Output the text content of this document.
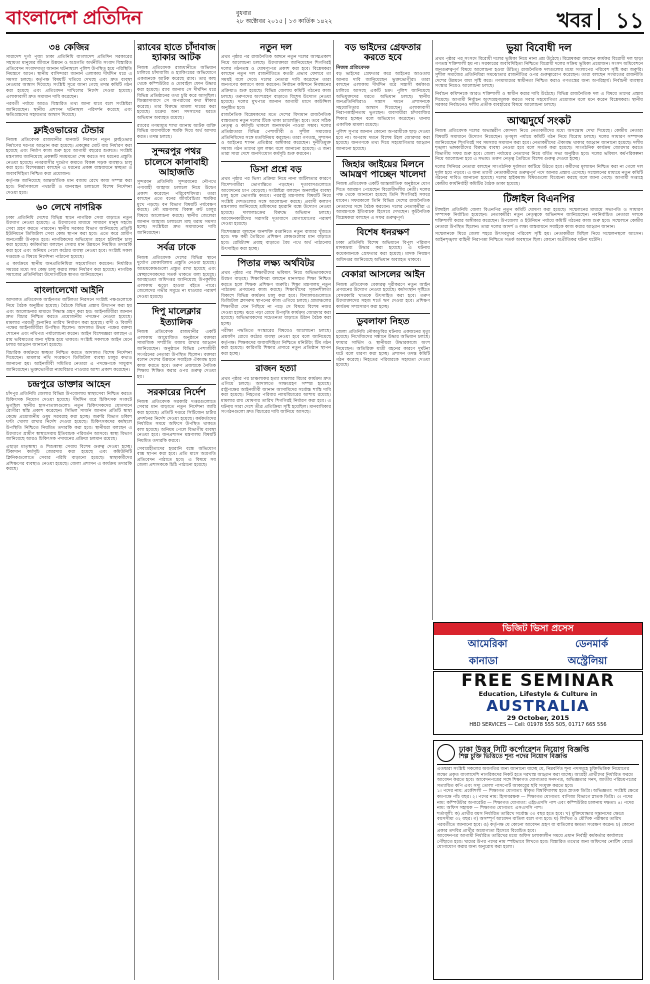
বাংলাদেশ প্রতিদিন	বুধবার
২৮ অক্টোবর ২০১৫ | ১৩ কার্তিক ১৪২২	খবর ১১
৩৪ কেজির

সারাদেশ দুর্গা পূজা ঢাকা প্রতিনিধি বাংলাদেশ প্রতিদিন সরকারের সহায়তা মানুষের জীবনে উন্নয়ন ও অগ্রগতি অর্থনীতি সংবাদ বিস্তারিত প্রতিবেদন সংবাদদাতা জানান ঘটনাস্থলে পুলিশ উপস্থিত হয়ে পরিস্থিতি নিয়ন্ত্রণে আনে। স্থানীয় বাসিন্দারা জানান এলাকায় দীর্ঘদিন ধরে এ সমস্যা চলছে। কর্তৃপক্ষ বিষয়টি খতিয়ে দেখছে এবং দ্রুত ব্যবস্থা নেওয়ার আশ্বাস দিয়েছে। সংশ্লিষ্ট সূত্রে জানা গেছে তদন্ত কমিটি গঠন করা হয়েছে এবং প্রতিবেদন দাখিলের নির্দেশ দেওয়া হয়েছে। এলাকাবাসী দ্রুত সমাধান দাবি করেছেন।

পরবর্তী পর্যায়ে আরও বিস্তারিত তথ্য জানা যাবে বলে সংশ্লিষ্টরা জানিয়েছেন। স্থানীয় প্রশাসন ঘটনাস্থল পরিদর্শন করেছে এবং ক্ষতিগ্রস্তদের সহায়তার আশ্বাস দিয়েছে।

ফ্লাইওভারের টেন্ডার

নিজস্ব প্রতিবেদক রাজধানীর যানজট নিরসনে নতুন ফ্লাইওভার নির্মাণের দরপত্র আহ্বান করা হয়েছে। প্রকল্পের মোট ব্যয় নির্ধারণ করা হয়েছে এবং নির্মাণ কাজ শুরু হবে আগামী বছরের শুরুতে। সংশ্লিষ্ট মন্ত্রণালয় জানিয়েছে প্রকল্পটি সময়মতো শেষ করতে সব ধরনের প্রস্তুতি নেওয়া হয়েছে। নগরবাসীর দুর্ভোগ কমাতে বিকল্প সড়ক ব্যবস্থাও চালু করা হবে। বিশেষজ্ঞরা বলছেন এ ধরনের প্রকল্প বাস্তবায়নে স্বচ্ছতা ও জবাবদিহিতা নিশ্চিত করা প্রয়োজন।

কর্তৃপক্ষ জানিয়েছে আন্তর্জাতিক মান বজায় রেখে কাজ সম্পন্ন করা হবে। নির্মাণকালে পথচারী ও যানবাহন চলাচলে বিশেষ নির্দেশনা দেওয়া হবে।

৬০ লেখে নাগরিক

ঢাকা প্রতিনিধি দেশের বিভিন্ন স্থানে নাগরিক সেবা বাড়াতে নতুন উদ্যোগ নেওয়া হয়েছে। এ উদ্যোগের মাধ্যমে সাধারণ মানুষ সহজে সেবা গ্রহণ করতে পারবেন। স্থানীয় সরকার বিভাগ জানিয়েছে প্রতিটি ইউনিয়নে ডিজিটাল সেবা কেন্দ্র স্থাপন করা হবে। এতে করে গ্রামীণ জনগোষ্ঠী উপকৃত হবে। নাগরিকদের অভিযোগ গ্রহণে হটলাইন চালু করা হয়েছে। কর্মকর্তারা বলছেন সেবার মান উন্নয়নে নিয়মিত তদারকি করা হবে এবং অনিয়ম পেলে কঠোর ব্যবস্থা নেওয়া হবে। সংশ্লিষ্ট সকল দপ্তরকে এ বিষয়ে নির্দেশনা পাঠানো হয়েছে।

এ কার্যক্রমে স্থানীয় জনপ্রতিনিধিরা সহযোগিতা করবেন। নির্ধারিত সময়ের মধ্যে সব কেন্দ্র চালু করার লক্ষ্য নির্ধারণ করা হয়েছে। নাগরিক সমাজের প্রতিনিধিরা উদ্যোগটিকে স্বাগত জানিয়েছেন।

বাংলালেখো আইনি

আদালত প্রতিবেদক আইনগত জটিলতা নিরসনে সংশ্লিষ্ট পক্ষগুলোকে নিয়ে বৈঠক অনুষ্ঠিত হয়েছে। বৈঠকে বিভিন্ন প্রস্তাব উত্থাপন করা হয় এবং আলোচনার মাধ্যমে সিদ্ধান্ত গ্রহণ করা হয়। আইনজীবীরা জানান দ্রুত বিচার নিশ্চিত করতে প্রয়োজনীয় পদক্ষেপ নেওয়া হয়েছে। মামলার পরবর্তী শুনানির তারিখ নির্ধারণ করা হয়েছে। বাদী ও বিবাদী পক্ষের আইনজীবীরা উপস্থিত ছিলেন। আদালত উভয় পক্ষের বক্তব্য শোনেন এবং নথিপত্র পর্যালোচনা করেন। আইন বিশেষজ্ঞরা বলছেন এ রায় ভবিষ্যতের জন্য দৃষ্টান্ত হয়ে থাকবে। সংশ্লিষ্ট সকলকে আইন মেনে চলার আহ্বান জানানো হয়েছে।

বিচারিক কার্যক্রমে স্বচ্ছতা নিশ্চিত করতে আদালত বিশেষ নির্দেশনা দিয়েছেন। মামলার নথি সংরক্ষণে ডিজিটাল ব্যবস্থা চালুর কথাও জানানো হয়। আইনজীবী সমিতির নেতারা এ পদক্ষেপকে সাধুবাদ জানিয়েছেন। ভুক্তভোগীরা ন্যায়বিচার পাওয়ার আশা প্রকাশ করেছেন।

চন্দ্রপুরে ডাক্তার আহেন

চাঁদপুর প্রতিনিধি জেলার বিভিন্ন উপজেলায় স্বাস্থ্যসেবা নিশ্চিত করতে চিকিৎসক নিয়োগ দেওয়া হয়েছে। দীর্ঘদিন ধরে চিকিৎসক সংকটে ভুগছিল স্থানীয় হাসপাতালগুলো। নতুন চিকিৎসকদের যোগদানে রোগীরা স্বস্তি প্রকাশ করেছেন। সিভিল সার্জন জানান প্রতিটি স্বাস্থ্য কেন্দ্রে প্রয়োজনীয় ওষুধ সরবরাহ করা হচ্ছে। জরুরি বিভাগ চব্বিশ ঘণ্টা খোলা রাখার নির্দেশ দেওয়া হয়েছে। চিকিৎসকদের কর্মস্থলে উপস্থিতি নিশ্চিতে নিয়মিত তদারকি করা হবে। স্থানীয়রা বলছেন এ উদ্যোগে গ্রামীণ স্বাস্থ্যসেবায় ইতিবাচক পরিবর্তন আসবে। স্বাস্থ্য বিভাগ জানিয়েছে আরও চিকিৎসক পদায়নের প্রক্রিয়া চলমান রয়েছে।

এছাড়া মাতৃস্বাস্থ্য ও শিশুস্বাস্থ্য সেবায় বিশেষ গুরুত্ব দেওয়া হচ্ছে। টিকাদান কর্মসূচি জোরদার করা হয়েছে এবং কমিউনিটি ক্লিনিকগুলোতে সেবার পরিধি বাড়ানো হয়েছে। স্বাস্থ্যকর্মীদের প্রশিক্ষণের ব্যবস্থাও নেওয়া হয়েছে। জেলা প্রশাসন এ কার্যক্রম তদারকি করছে।

র‍্যাবের হাতে চাঁদাবাজ হ্যাকার আটক

নিজস্ব প্রতিবেদক রাজধানীতে অভিযান চালিয়ে চাঁদাবাজি ও হ্যাকিংয়ের অভিযোগে একজনকে আটক করেছে র‍্যাব। তার কাছ থেকে কম্পিউটার ও মোবাইল ফোন উদ্ধার করা হয়েছে। র‍্যাব জানায় সে দীর্ঘদিন ধরে বিভিন্ন প্রতিষ্ঠানের তথ্য চুরি করে আসছিল। জিজ্ঞাসাবাদে সে অপরাধের কথা স্বীকার করেছে। তার বিরুদ্ধে মামলা দায়ের করা হয়েছে। চক্রের অন্য সদস্যদের ধরতে অভিযান অব্যাহত রয়েছে।

র‍্যাবের গণমাধ্যম শাখা জানায় আটক ব্যক্তি বিভিন্ন ব্যবসায়ীকে হুমকি দিয়ে অর্থ আদায় করত। তদন্ত চলছে।

সুন্দরপুর পথর চালেসে কালাবাহী আহাজতি

সুন্দরবন প্রতিনিধি সুন্দরবনের নৌপথে পণ্যবাহী জাহাজ চলাচল নিয়ে উদ্বেগ প্রকাশ করেছেন পরিবেশবিদরা। তারা বলছেন এতে বনের জীববৈচিত্র্য হুমকির মুখে পড়ছে। বন বিভাগ বিষয়টি পর্যবেক্ষণ করছে। নৌ মন্ত্রণালয় বিকল্প রুট চালুর বিষয়ে আলোচনা করছে। স্থানীয় জেলেরা জানান জাহাজ চলাচলে মাছ ধরায় সমস্যা হচ্ছে। সংশ্লিষ্টরা দ্রুত সমাধানের দাবি জানিয়েছেন।

সর্বত্র ঢাকে

নিজস্ব প্রতিবেদক দেশের বিভিন্ন স্থানে দুর্যোগ মোকাবিলায় প্রস্তুতি নেওয়া হয়েছে। আশ্রয়কেন্দ্রগুলো প্রস্তুত রাখা হয়েছে এবং স্বেচ্ছাসেবকদের সতর্ক থাকতে বলা হয়েছে। আবহাওয়া অধিদপ্তর জানিয়েছে উপকূলীয় এলাকায় ঝড়ো হাওয়া বইতে পারে। জেলেদের গভীর সমুদ্রে না যাওয়ার পরামর্শ দেওয়া হয়েছে।

দিপু মালেক্লার ইত্যালিক

নিজস্ব প্রতিবেদক রাজধানীর একটি এলাকায় আয়োজিত অনুষ্ঠানে বক্তারা সামাজিক সম্প্রীতি বজায় রাখার আহ্বান জানিয়েছেন। অনুষ্ঠানে বিভিন্ন পেশাজীবী সংগঠনের নেতারা উপস্থিত ছিলেন। বক্তারা বলেন দেশের উন্নয়নে সবাইকে ঐক্যবদ্ধ হয়ে কাজ করতে হবে। তরুণ প্রজন্মকে নৈতিক শিক্ষায় শিক্ষিত করার ওপর গুরুত্ব দেওয়া হয়।

সরকারের নির্দেশ

নিজস্ব প্রতিবেদক সরকারি দপ্তরগুলোতে সেবার মান বাড়াতে নতুন নির্দেশনা জারি করা হয়েছে। প্রতিটি দপ্তরে সিটিজেন চার্টার প্রদর্শনের নির্দেশ দেওয়া হয়েছে। কর্মকর্তাদের নির্ধারিত সময়ে অফিসে উপস্থিত থাকতে বলা হয়েছে। অনিয়ম পেলে বিভাগীয় ব্যবস্থা নেওয়া হবে। জনপ্রশাসন মন্ত্রণালয় বিষয়টি নিয়মিত তদারকি করবে।

সেবাগ্রহীতাদের হয়রানি বন্ধে অভিযোগ বাক্স স্থাপন করা হবে। প্রতি মাসে অগ্রগতি প্রতিবেদন পাঠাতে হবে। এ বিষয়ে সব জেলা প্রশাসককে চিঠি পাঠানো হয়েছে।

নতুন দল

প্রথম পৃষ্ঠার পর রাজনৈতিক অঙ্গনে নতুন দলের আত্মপ্রকাশ নিয়ে আলোচনা চলছে। উদ্যোক্তারা জানিয়েছেন শিগগিরই দলের গঠনতন্ত্র ও ঘোষণাপত্র প্রকাশ করা হবে। বিশ্লেষকরা বলছেন নতুন দল রাজনীতিতে কতটা প্রভাব ফেলবে তা সময়ই বলে দেবে। দলের নেতারা দাবি করেছেন তারা জনগণের কল্যাণে কাজ করবেন। নির্বাচন কমিশনে নিবন্ধনের প্রক্রিয়াও শুরু হয়েছে। বিভিন্ন জেলায় কমিটি গঠনের কাজ চলছে। তরুণদের অংশগ্রহণ বাড়াতে বিশেষ উদ্যোগ নেওয়া হয়েছে। দলের মুখপাত্র জানান আগামী মাসে কাউন্সিল অনুষ্ঠিত হবে।

রাজনৈতিক বিশ্লেষকদের মতে দেশের বিদ্যমান রাজনৈতিক বাস্তবতায় নতুন দলের টিকে থাকা চ্যালেঞ্জিং হবে। তবে সঠিক নেতৃত্ব ও কর্মসূচি থাকলে জনসমর্থন পাওয়া সম্ভব। দলের প্রতিষ্ঠাতারা বিভিন্ন পেশাজীবী ও সুশীল সমাজের প্রতিনিধিদের সঙ্গে মতবিনিময় করছেন। তারা গণতন্ত্র, সুশাসন ও আইনের শাসন প্রতিষ্ঠার অঙ্গীকার করেছেন। দুর্নীতিমুক্ত সমাজ গঠন তাদের মূল লক্ষ্য বলে জানানো হয়েছে। এ জন্য তারা সারা দেশে জনসংযোগ কর্মসূচি শুরু করবেন।

ডিসা প্রশ্নে বড়

প্রথম পৃষ্ঠার পর ভিসা প্রক্রিয়া নিয়ে নানা জটিলতার কারণে বিদেশগামীরা ভোগান্তিতে পড়ছেন। দূতাবাসগুলোতে আবেদনের চাপ বেড়েছে। সংশ্লিষ্টরা বলছেন অনলাইন ব্যবস্থা চালু হলে ভোগান্তি কমবে। পররাষ্ট্র মন্ত্রণালয় বিষয়টি নিয়ে সংশ্লিষ্ট দেশগুলোর সঙ্গে আলোচনা করছে। প্রবাসী কল্যাণ মন্ত্রণালয় জানিয়েছে শ্রমিকদের হয়রানি বন্ধে উদ্যোগ নেওয়া হয়েছে। দালালচক্রের বিরুদ্ধে অভিযান চলছে। আবেদনকারীদের সরাসরি দূতাবাসে যোগাযোগের পরামর্শ দেওয়া হয়েছে।

বিশেষজ্ঞরা বলছেন জনশক্তি রপ্তানিতে নতুন বাজার খুঁজতে হবে। দক্ষ কর্মী তৈরিতে প্রশিক্ষণ কেন্দ্রগুলোর মান বাড়াতে হবে। রেমিট্যান্স প্রবাহ বাড়াতে বৈধ পথে অর্থ পাঠানোয় উৎসাহিত করা হচ্ছে।

পিতার লক্ষ্য অর্থবিটর

প্রথম পৃষ্ঠার পর শিক্ষার্থীদের ভবিষ্যৎ নিয়ে অভিভাবকদের উদ্বেগ বাড়ছে। শিক্ষাবিদরা বলছেন মানসম্মত শিক্ষা নিশ্চিত করতে হলে শিক্ষক প্রশিক্ষণ জরুরি। শিক্ষা মন্ত্রণালয় নতুন পাঠ্যক্রম প্রণয়নের কাজ করছে। শিক্ষার্থীদের সৃজনশীলতা বিকাশে বিভিন্ন কার্যক্রম চালু করা হবে। বিদ্যালয়গুলোতে ডিজিটাল ক্লাসরুম স্থাপনের কাজ এগিয়ে চলছে। গ্রামাঞ্চলের শিক্ষার্থীরা যেন পিছিয়ে না পড়ে সে বিষয়ে বিশেষ নজর দেওয়া হচ্ছে। ঝরে পড়া রোধে উপবৃত্তি কার্যক্রম জোরদার করা হয়েছে। অভিভাবকদের সচেতনতা বাড়াতে উঠান বৈঠক করা হচ্ছে।

পরীক্ষা পদ্ধতিতে সংস্কারের বিষয়েও আলোচনা চলছে। প্রশ্নফাঁস রোধে কঠোর ব্যবস্থা নেওয়া হবে বলে জানিয়েছে কর্তৃপক্ষ। শিক্ষকদের জবাবদিহিতা নিশ্চিতে মনিটরিং টিম গঠন করা হয়েছে। কারিগরি শিক্ষার প্রসারে নতুন প্রতিষ্ঠান স্থাপন করা হচ্ছে।

রাজন হত্যা

প্রথম পৃষ্ঠার পর চাঞ্চল্যকর হত্যা মামলার বিচার কার্যক্রম দ্রুত এগিয়ে চলছে। আদালতে সাক্ষ্যগ্রহণ সম্পন্ন হয়েছে। রাষ্ট্রপক্ষের আইনজীবী জানান আসামিদের সর্বোচ্চ শাস্তি দাবি করা হয়েছে। নিহতের পরিবার ন্যায়বিচারের আশায় রয়েছে। মামলার রায় ঘোষণার তারিখ শিগগিরই নির্ধারণ করা হবে। এ ঘটনায় সারা দেশে তীব্র প্রতিক্রিয়া সৃষ্টি হয়েছিল। মানবাধিকার সংগঠনগুলো দ্রুত বিচারের দাবি জানিয়ে আসছে।

বড় ভাইদের গ্রেফতার করতে হবে
নিজস্ব প্রতিবেদক

বড় ভাইদের গ্রেফতার করে আইনের আওতায় আনার দাবি জানিয়েছেন ভুক্তভোগীরা। তারা বলছেন এলাকায় দীর্ঘদিন ধরে সন্ত্রাসী কর্মকাণ্ড চালিয়ে আসছে একটি চক্র। পুলিশ জানিয়েছে অভিযুক্তদের ধরতে অভিযান চলছে। স্থানীয় জনপ্রতিনিধিরাও সন্ত্রাস দমনে প্রশাসনকে সহযোগিতার আশ্বাস দিয়েছেন। এলাকাবাসী নিরাপত্তাহীনতায় ভুগছেন। ব্যবসায়ীরা চাঁদাবাজির শিকার হচ্ছেন বলে অভিযোগ করেছেন। থানায় একাধিক মামলা রয়েছে।

পুলিশ সুপার জানান কোনো অপরাধীকে ছাড় দেওয়া হবে না। অপরাধ দমনে বিশেষ টহল জোরদার করা হয়েছে। জনগণকে তথ্য দিয়ে সহযোগিতার আহ্বান জানানো হয়েছে।

জিহার জাইয়ের মিলনে আমন্ত্রণ পাচ্ছেন খালেদা

নিজস্ব প্রতিবেদক একটি আন্তর্জাতিক অনুষ্ঠানে যোগ দিতে আমন্ত্রণ পেয়েছেন বিরোধীদলীয় নেত্রী। দলের পক্ষ থেকে জানানো হয়েছে তিনি শিগগিরই সফরে যাবেন। সফরকালে তিনি বিভিন্ন দেশের রাজনৈতিক নেতাদের সঙ্গে বৈঠক করবেন। দলের নেতাকর্মীরা এ আমন্ত্রণকে ইতিবাচক হিসেবে দেখছেন। কূটনৈতিক বিশ্লেষকরা বলছেন এ সফর গুরুত্বপূর্ণ।

বিশেষ ধনরক্ষণ

ঢাকা প্রতিনিধি বিশেষ অভিযানে বিপুল পরিমাণ মাদকদ্রব্য উদ্ধার করা হয়েছে। এ ঘটনায় কয়েকজনকে গ্রেফতার করা হয়েছে। মাদক নিয়ন্ত্রণ অধিদপ্তর জানিয়েছে অভিযান অব্যাহত থাকবে।

বেকারা আসলের আইন

নিজস্ব প্রতিবেদক বেকারত্ব দূরীকরণে নতুন আইন প্রণয়নের উদ্যোগ নেওয়া হয়েছে। কর্মসংস্থান সৃষ্টিতে বেসরকারি খাতকে উৎসাহিত করা হবে। তরুণ উদ্যোক্তাদের সহজ শর্তে ঋণ দেওয়া হবে। প্রশিক্ষণ কার্যক্রম সম্প্রসারণ করা হচ্ছে।

ডুবলাফা নিহত

জেলা প্রতিনিধি নৌকাডুবির ঘটনায় একজনের মৃত্যু হয়েছে। নিখোঁজদের সন্ধানে উদ্ধার অভিযান চলছে। ফায়ার সার্ভিস ও স্থানীয়রা উদ্ধারকাজে অংশ নিয়েছেন। অতিরিক্ত যাত্রী বহনের কারণে দুর্ঘটনা ঘটে বলে ধারণা করা হচ্ছে। প্রশাসন তদন্ত কমিটি গঠন করেছে। নিহতের পরিবারকে সহায়তা দেওয়া হয়েছে।

ভুয়া বিবোধী দল

প্রথম পৃষ্ঠার পর সংসদে বিরোধী দলের ভূমিকা নিয়ে নানা প্রশ্ন উঠেছে। বিশ্লেষকরা বলছেন কার্যকর বিরোধী দল ছাড়া গণতন্ত্র শক্তিশালী হয় না। সরকারের জবাবদিহিতা নিশ্চিতে বিরোধী দলের সক্রিয় ভূমিকা প্রয়োজন। সংসদ অধিবেশনে জনগুরুত্বপূর্ণ বিষয়ে আলোচনা হওয়া উচিত। রাজনৈতিক দলগুলোর মধ্যে সংলাপের পরিবেশ সৃষ্টি করা জরুরি। সুশীল সমাজের প্রতিনিধিরা সমঝোতার রাজনীতির ওপর গুরুত্বারোপ করেছেন। তারা বলছেন সংঘাতের রাজনীতি দেশের উন্নয়নে বাধা সৃষ্টি করে। গণমাধ্যমের স্বাধীনতা নিশ্চিত করাও গণতন্ত্রের জন্য অপরিহার্য। নির্বাচনী ব্যবস্থার সংস্কার নিয়েও আলোচনা চলছে।

নির্বাচন কমিশনকে আরও শক্তিশালী ও স্বাধীন করার দাবি উঠেছে। বিভিন্ন রাজনৈতিক দল এ বিষয়ে তাদের প্রস্তাব দিয়েছে। আগামী নির্বাচন অংশগ্রহণমূলক করতে সবার সহযোগিতা প্রয়োজন বলে মনে করেন বিশ্লেষকরা। স্থানীয় সরকার নির্বাচনেও দলীয় প্রতীক ব্যবহারের বিষয়ে আলোচনা চলছে।

আত্মদুর্ঘে সংকট

নিজস্ব প্রতিবেদক দলের অভ্যন্তরীণ কোন্দল নিয়ে নেতাকর্মীদের মধ্যে অসন্তোষ দেখা দিয়েছে। কেন্দ্রীয় নেতারা বিষয়টি সমাধানে উদ্যোগ নিয়েছেন। তৃণমূল পর্যায়ে কমিটি গঠন নিয়ে বিরোধ চলছে। দলের সাধারণ সম্পাদক জানিয়েছেন শিগগিরই সব সমস্যার সমাধান করা হবে। নেতাকর্মীদের ঐক্যবদ্ধ থাকার আহ্বান জানানো হয়েছে। দলীয় শৃঙ্খলা ভঙ্গকারীদের বিরুদ্ধে ব্যবস্থা নেওয়া হবে বলে সতর্ক করা হয়েছে। সাংগঠনিক কার্যক্রম জোরদার করতে বিভাগীয় সফর শুরু হবে। জেলা পর্যায়ের নেতাদের নিয়ে বর্ধিত সভা অনুষ্ঠিত হবে। দলের ভবিষ্যৎ কর্মপরিকল্পনা নিয়ে আলোচনা হবে এ সভায়। তরুণ নেতৃত্ব তৈরিতে বিশেষ গুরুত্ব দেওয়া হচ্ছে।

দলের সিনিয়র নেতারা বলছেন সাংগঠনিক দুর্বলতা কাটিয়ে উঠতে হবে। কর্মীদের মূল্যায়ন নিশ্চিত করা না গেলে দল দুর্বল হয়ে পড়বে। এ জন্য ত্যাগী নেতাকর্মীদের গুরুত্বপূর্ণ পদে আনার প্রস্তাব এসেছে। সম্মেলনের মাধ্যমে নতুন কমিটি গঠনের দাবিও জানানো হয়েছে। দলের হাইকমান্ড বিষয়গুলো বিবেচনা করছে বলে জানা গেছে। আগামী সপ্তাহে কেন্দ্রীয় কার্যনির্বাহী কমিটির বৈঠক ডাকা হয়েছে।

টিঙ্গাইল বিএনপির

টাঙ্গাইল প্রতিনিধি জেলা বিএনপির নতুন কমিটি ঘোষণা করা হয়েছে। সম্মেলনের মাধ্যমে সভাপতি ও সাধারণ সম্পাদক নির্বাচিত হয়েছেন। নেতাকর্মীরা নতুন নেতৃত্বকে অভিনন্দন জানিয়েছেন। নবনির্বাচিত নেতারা দলকে শক্তিশালী করার অঙ্গীকার করেছেন। উপজেলা ও ইউনিয়ন পর্যায়ে কমিটি গঠনের কাজ শুরু হবে। সম্মেলনে কেন্দ্রীয় নেতারা উপস্থিত ছিলেন। তারা দলের আদর্শ ও লক্ষ্য বাস্তবায়নে সবাইকে কাজ করার আহ্বান জানান।

সম্মেলনকে ঘিরে জেলা শহরে উৎসবমুখর পরিবেশ সৃষ্টি হয়। নেতাকর্মীরা মিছিল নিয়ে সম্মেলনস্থলে আসেন। আইনশৃঙ্খলা বাহিনী নিরাপত্তা নিশ্চিতে সতর্ক অবস্থানে ছিল। কোনো অপ্রীতিকর ঘটনা ঘটেনি।

ভিজিট ভিসা প্রসেস
আমেরিকা	ডেনমার্ক
কানাডা	অস্ট্রেলিয়া
FREE SEMINAR
Education, Lifestyle & Culture in
AUSTRALIA
29 October, 2015
HBD SERVICES — Cell: 01978 555 505, 01717 665 556
ঢাকা উত্তর সিটি কর্পোরেশন নিয়োগ বিজ্ঞপ্তি
শিল্প চুক্তি ভিত্তিতে শূন্য পদের নিয়োগ বিজ্ঞপ্তি

এতদ্বারা সংশ্লিষ্ট সকলের অবগতির জন্য জানানো যাচ্ছে যে, নিম্নবর্ণিত শূন্য পদসমূহে চুক্তিভিত্তিক নিয়োগের লক্ষ্যে প্রকৃত বাংলাদেশি নাগরিকদের নিকট হতে দরখাস্ত আহ্বান করা যাচ্ছে। আগ্রহী প্রার্থীদের নির্ধারিত ফরমে আবেদন করতে হবে। আবেদনপত্রের সঙ্গে শিক্ষাগত যোগ্যতার সনদপত্র, অভিজ্ঞতার সনদ, জাতীয় পরিচয়পত্রের সত্যায়িত কপি এবং সদ্য তোলা পাসপোর্ট আকারের ছবি সংযুক্ত করতে হবে।

১। পদের নাম: প্রকৌশলী — শিক্ষাগত যোগ্যতা: স্বীকৃত বিশ্ববিদ্যালয় হতে স্নাতক ডিগ্রি। অভিজ্ঞতা: সংশ্লিষ্ট ক্ষেত্রে কমপক্ষে পাঁচ বছর। ২। পদের নাম: হিসাবরক্ষক — শিক্ষাগত যোগ্যতা: বাণিজ্য বিভাগে স্নাতক ডিগ্রি। ৩। পদের নাম: কম্পিউটার অপারেটর — শিক্ষাগত যোগ্যতা: এইচএসসি পাশ এবং কম্পিউটার চালনায় দক্ষতা। ৪। পদের নাম: অফিস সহায়ক — শিক্ষাগত যোগ্যতা: এসএসসি পাশ।

শর্তাবলী: ক) প্রার্থীর বয়স নির্ধারিত তারিখে সর্বোচ্চ ৩০ বছর হতে হবে। খ) মুক্তিযোদ্ধার সন্তানদের ক্ষেত্রে বয়সসীমা ৩২ বছর। গ) অসম্পূর্ণ আবেদন বাতিল বলে গণ্য হবে। ঘ) লিখিত ও মৌখিক পরীক্ষার তারিখ পরবর্তীতে জানানো হবে। ঙ) কর্তৃপক্ষ যে কোনো আবেদন গ্রহণ বা বাতিলের ক্ষমতা সংরক্ষণ করেন। চ) কোনো প্রকার তদবির প্রার্থীর অযোগ্যতা হিসেবে বিবেচিত হবে।

আবেদনপত্র আগামী নির্ধারিত তারিখের মধ্যে অফিস চলাকালীন সময়ে প্রধান নির্বাহী কর্মকর্তার কার্যালয়ে পৌঁছাতে হবে। খামের উপর পদের নাম স্পষ্টভাবে লিখতে হবে। বিস্তারিত তথ্যের জন্য অফিসের নোটিশ বোর্ডে যোগাযোগ করার জন্য অনুরোধ করা হলো।
